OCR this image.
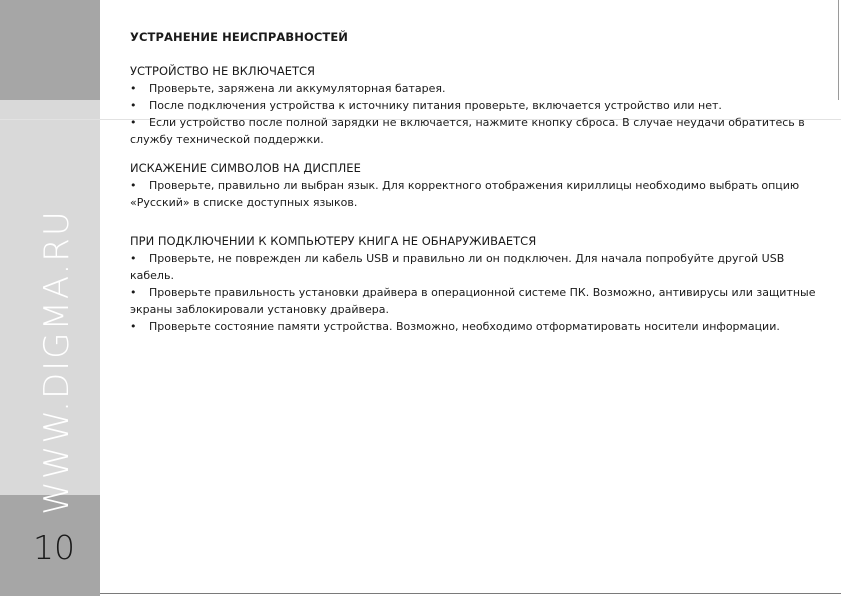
WWW.DIGMA.RU
10

УСТРАНЕНИЕ НЕИСПРАВНОСТЕЙ

УСТРОЙСТВО НЕ ВКЛЮЧАЕТСЯ

• Проверьте, заряжена ли аккумуляторная батарея.

• После подключения устройства к источнику питания проверьте, включается устройство или нет.

• Если устройство после полной зарядки не включается, нажмите кнопку сброса. В случае неудачи обратитесь в службу технической поддержки.

ИСКАЖЕНИЕ СИМВОЛОВ НА ДИСПЛЕЕ

• Проверьте, правильно ли выбран язык. Для корректного отображения кириллицы необходимо выбрать опцию «Русский» в списке доступных языков.

ПРИ ПОДКЛЮЧЕНИИ К КОМПЬЮТЕРУ КНИГА НЕ ОБНАРУЖИВАЕТСЯ

• Проверьте, не поврежден ли кабель USB и правильно ли он подключен. Для начала попробуйте другой USB кабель.

• Проверьте правильность установки драйвера в операционной системе ПК. Возможно, антивирусы или защитные экраны заблокировали установку драйвера.

• Проверьте состояние памяти устройства. Возможно, необходимо отформатировать носители информации.
